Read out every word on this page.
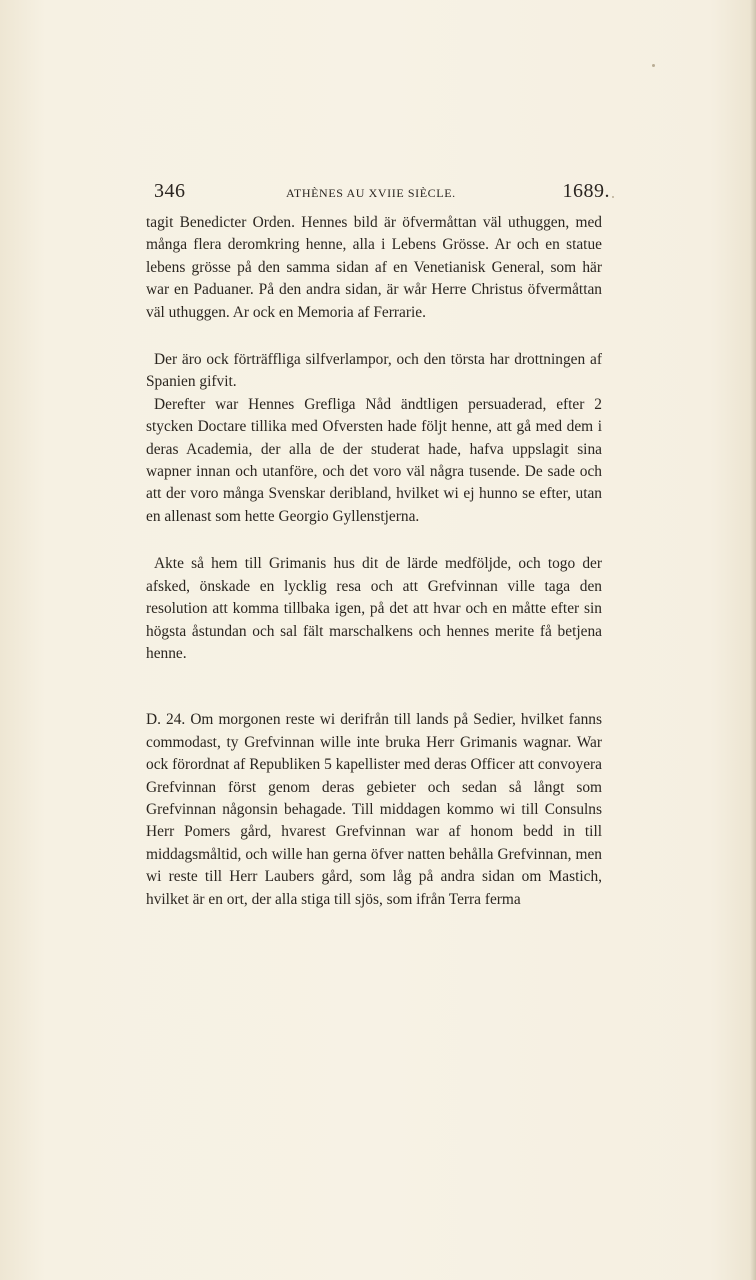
346	ATHÈNES AU XVIIE SIÈCLE.	1689.

tagit Benedicter Orden. Hennes bild är öfvermåttan väl uthuggen, med många flera deromkring henne, alla i Lebens Grösse. Ar och en statue lebens grösse på den samma sidan af en Venetianisk General, som här war en Paduaner. På den andra sidan, är wår Herre Christus öfvermåttan väl uthuggen. Ar ock en Memoria af Ferrarie.

Der äro ock förträffliga silfverlampor, och den törsta har drottningen af Spanien gifvit.

Derefter war Hennes Grefliga Nåd ändtligen persuaderad, efter 2 stycken Doctare tillika med Ofversten hade följt henne, att gå med dem i deras Academia, der alla de der studerat hade, hafva uppslagit sina wapner innan och utanföre, och det voro väl några tusende. De sade och att der voro många Svenskar deribland, hvilket wi ej hunno se efter, utan en allenast som hette Georgio Gyllenstjerna.

Akte så hem till Grimanis hus dit de lärde medföljde, och togo der afsked, önskade en lycklig resa och att Grefvinnan ville taga den resolution att komma tillbaka igen, på det att hvar och en måtte efter sin högsta åstundan och sal fält marschalkens och hennes merite få betjena henne.

D. 24. Om morgonen reste wi derifrån till lands på Sedier, hvilket fanns commodast, ty Grefvinnan wille inte bruka Herr Grimanis wagnar. War ock förordnat af Republiken 5 kapellister med deras Officer att convoyera Grefvinnan först genom deras gebieter och sedan så långt som Grefvinnan någonsin behagade. Till middagen kommo wi till Consulns Herr Pomers gård, hvarest Grefvinnan war af honom bedd in till middagsmåltid, och wille han gerna öfver natten behålla Grefvinnan, men wi reste till Herr Laubers gård, som låg på andra sidan om Mastich, hvilket är en ort, der alla stiga till sjös, som ifrån Terra ferma
